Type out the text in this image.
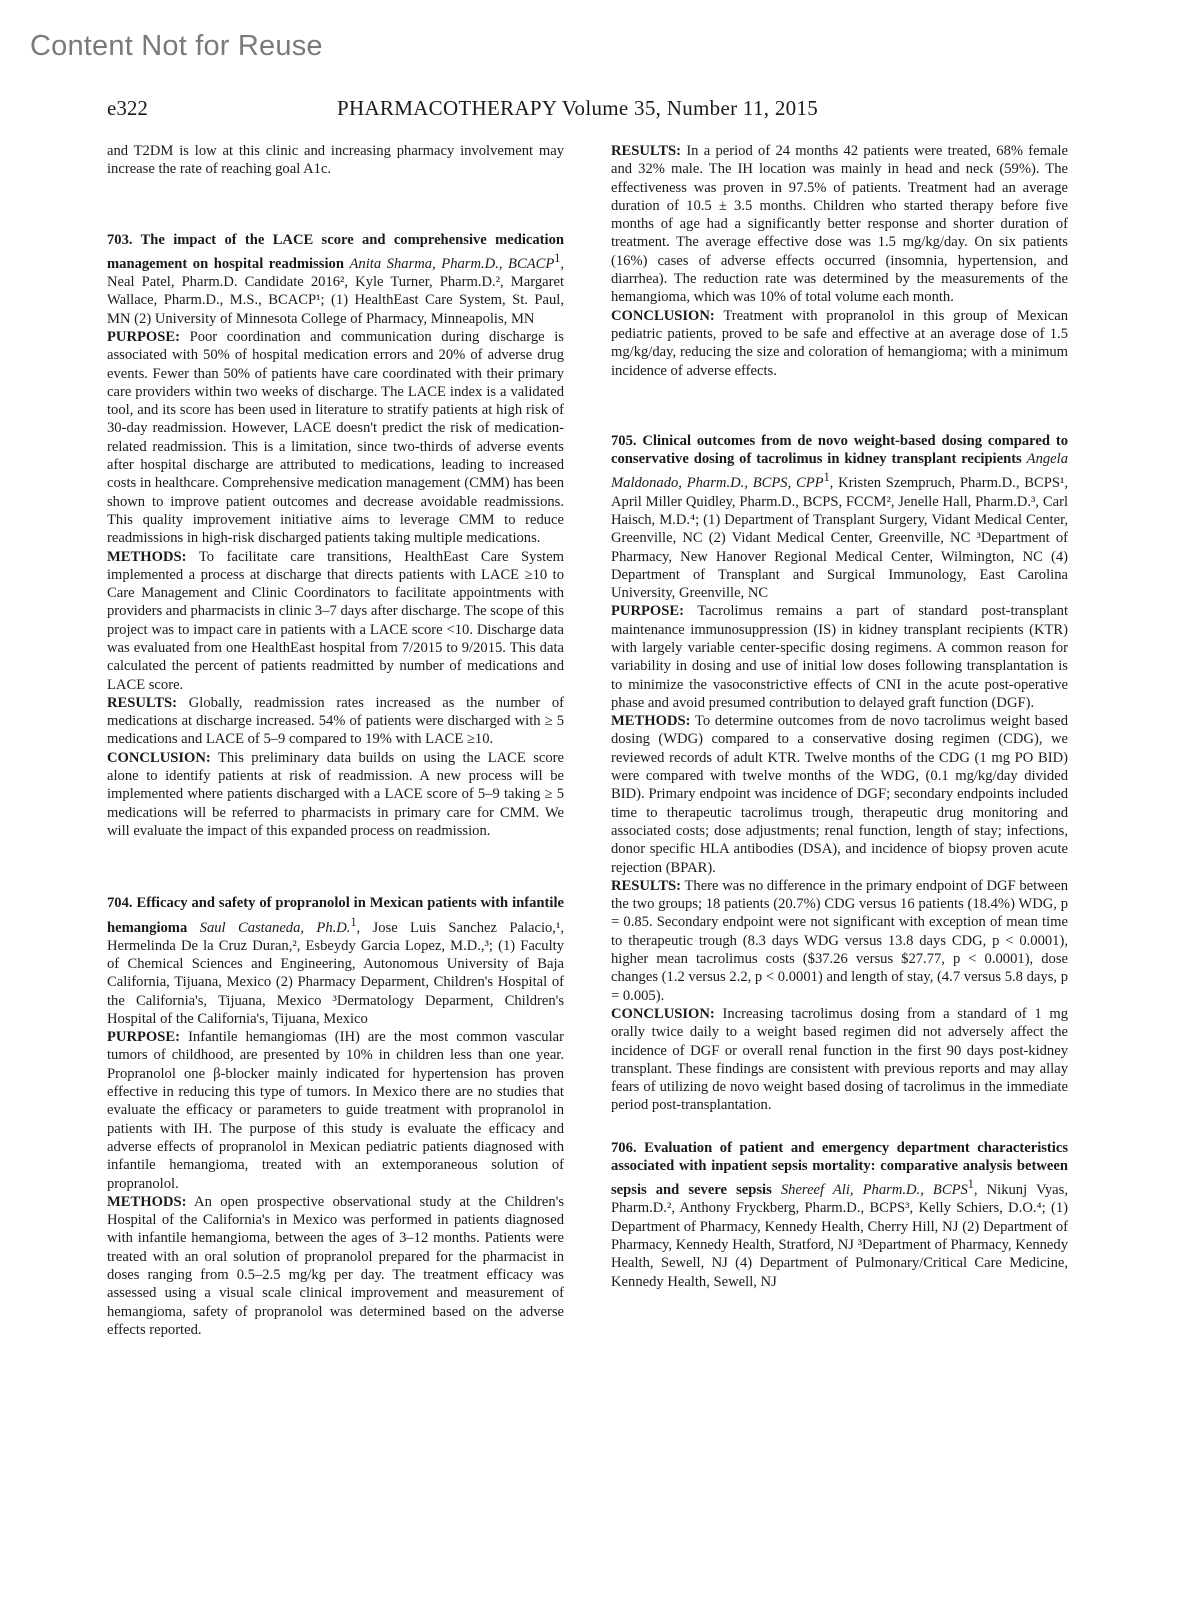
Content Not for Reuse
e322	PHARMACOTHERAPY Volume 35, Number 11, 2015

and T2DM is low at this clinic and increasing pharmacy involvement may increase the rate of reaching goal A1c.

703. The impact of the LACE score and comprehensive medication management on hospital readmission Anita Sharma, Pharm.D., BCACP$^1$, Neal Patel, Pharm.D. Candidate 2016², Kyle Turner, Pharm.D.², Margaret Wallace, Pharm.D., M.S., BCACP¹; (1) HealthEast Care System, St. Paul, MN (2) University of Minnesota College of Pharmacy, Minneapolis, MN

PURPOSE: Poor coordination and communication during discharge is associated with 50% of hospital medication errors and 20% of adverse drug events. Fewer than 50% of patients have care coordinated with their primary care providers within two weeks of discharge. The LACE index is a validated tool, and its score has been used in literature to stratify patients at high risk of 30-day readmission. However, LACE doesn't predict the risk of medication-related readmission. This is a limitation, since two-thirds of adverse events after hospital discharge are attributed to medications, leading to increased costs in healthcare. Comprehensive medication management (CMM) has been shown to improve patient outcomes and decrease avoidable readmissions. This quality improvement initiative aims to leverage CMM to reduce readmissions in high-risk discharged patients taking multiple medications.

METHODS: To facilitate care transitions, HealthEast Care System implemented a process at discharge that directs patients with LACE ≥10 to Care Management and Clinic Coordinators to facilitate appointments with providers and pharmacists in clinic 3–7 days after discharge. The scope of this project was to impact care in patients with a LACE score <10. Discharge data was evaluated from one HealthEast hospital from 7/2015 to 9/2015. This data calculated the percent of patients readmitted by number of medications and LACE score.

RESULTS: Globally, readmission rates increased as the number of medications at discharge increased. 54% of patients were discharged with ≥ 5 medications and LACE of 5–9 compared to 19% with LACE ≥10.

CONCLUSION: This preliminary data builds on using the LACE score alone to identify patients at risk of readmission. A new process will be implemented where patients discharged with a LACE score of 5–9 taking ≥ 5 medications will be referred to pharmacists in primary care for CMM. We will evaluate the impact of this expanded process on readmission.

704. Efficacy and safety of propranolol in Mexican patients with infantile hemangioma Saul Castaneda, Ph.D.$^1$, Jose Luis Sanchez Palacio,¹, Hermelinda De la Cruz Duran,², Esbeydy Garcia Lopez, M.D.,³; (1) Faculty of Chemical Sciences and Engineering, Autonomous University of Baja California, Tijuana, Mexico (2) Pharmacy Deparment, Children's Hospital of the California's, Tijuana, Mexico ³Dermatology Deparment, Children's Hospital of the California's, Tijuana, Mexico

PURPOSE: Infantile hemangiomas (IH) are the most common vascular tumors of childhood, are presented by 10% in children less than one year. Propranolol one β-blocker mainly indicated for hypertension has proven effective in reducing this type of tumors. In Mexico there are no studies that evaluate the efficacy or parameters to guide treatment with propranolol in patients with IH. The purpose of this study is evaluate the efficacy and adverse effects of propranolol in Mexican pediatric patients diagnosed with infantile hemangioma, treated with an extemporaneous solution of propranolol.

METHODS: An open prospective observational study at the Children's Hospital of the California's in Mexico was performed in patients diagnosed with infantile hemangioma, between the ages of 3–12 months. Patients were treated with an oral solution of propranolol prepared for the pharmacist in doses ranging from 0.5–2.5 mg/kg per day. The treatment efficacy was assessed using a visual scale clinical improvement and measurement of hemangioma, safety of propranolol was determined based on the adverse effects reported.

RESULTS: In a period of 24 months 42 patients were treated, 68% female and 32% male. The IH location was mainly in head and neck (59%). The effectiveness was proven in 97.5% of patients. Treatment had an average duration of 10.5 ± 3.5 months. Children who started therapy before five months of age had a significantly better response and shorter duration of treatment. The average effective dose was 1.5 mg/kg/day. On six patients (16%) cases of adverse effects occurred (insomnia, hypertension, and diarrhea). The reduction rate was determined by the measurements of the hemangioma, which was 10% of total volume each month.

CONCLUSION: Treatment with propranolol in this group of Mexican pediatric patients, proved to be safe and effective at an average dose of 1.5 mg/kg/day, reducing the size and coloration of hemangioma; with a minimum incidence of adverse effects.

705. Clinical outcomes from de novo weight-based dosing compared to conservative dosing of tacrolimus in kidney transplant recipients Angela Maldonado, Pharm.D., BCPS, CPP$^1$, Kristen Szempruch, Pharm.D., BCPS¹, April Miller Quidley, Pharm.D., BCPS, FCCM², Jenelle Hall, Pharm.D.³, Carl Haisch, M.D.⁴; (1) Department of Transplant Surgery, Vidant Medical Center, Greenville, NC (2) Vidant Medical Center, Greenville, NC ³Department of Pharmacy, New Hanover Regional Medical Center, Wilmington, NC (4) Department of Transplant and Surgical Immunology, East Carolina University, Greenville, NC

PURPOSE: Tacrolimus remains a part of standard post-transplant maintenance immunosuppression (IS) in kidney transplant recipients (KTR) with largely variable center-specific dosing regimens. A common reason for variability in dosing and use of initial low doses following transplantation is to minimize the vasoconstrictive effects of CNI in the acute post-operative phase and avoid presumed contribution to delayed graft function (DGF).

METHODS: To determine outcomes from de novo tacrolimus weight based dosing (WDG) compared to a conservative dosing regimen (CDG), we reviewed records of adult KTR. Twelve months of the CDG (1 mg PO BID) were compared with twelve months of the WDG, (0.1 mg/kg/day divided BID). Primary endpoint was incidence of DGF; secondary endpoints included time to therapeutic tacrolimus trough, therapeutic drug monitoring and associated costs; dose adjustments; renal function, length of stay; infections, donor specific HLA antibodies (DSA), and incidence of biopsy proven acute rejection (BPAR).

RESULTS: There was no difference in the primary endpoint of DGF between the two groups; 18 patients (20.7%) CDG versus 16 patients (18.4%) WDG, p = 0.85. Secondary endpoint were not significant with exception of mean time to therapeutic trough (8.3 days WDG versus 13.8 days CDG, p < 0.0001), higher mean tacrolimus costs ($37.26 versus $27.77, p < 0.0001), dose changes (1.2 versus 2.2, p < 0.0001) and length of stay, (4.7 versus 5.8 days, p = 0.005).

CONCLUSION: Increasing tacrolimus dosing from a standard of 1 mg orally twice daily to a weight based regimen did not adversely affect the incidence of DGF or overall renal function in the first 90 days post-kidney transplant. These findings are consistent with previous reports and may allay fears of utilizing de novo weight based dosing of tacrolimus in the immediate period post-transplantation.

706. Evaluation of patient and emergency department characteristics associated with inpatient sepsis mortality: comparative analysis between sepsis and severe sepsis Shereef Ali, Pharm.D., BCPS$^1$, Nikunj Vyas, Pharm.D.², Anthony Fryckberg, Pharm.D., BCPS³, Kelly Schiers, D.O.⁴; (1) Department of Pharmacy, Kennedy Health, Cherry Hill, NJ (2) Department of Pharmacy, Kennedy Health, Stratford, NJ ³Department of Pharmacy, Kennedy Health, Sewell, NJ (4) Department of Pulmonary/Critical Care Medicine, Kennedy Health, Sewell, NJ
